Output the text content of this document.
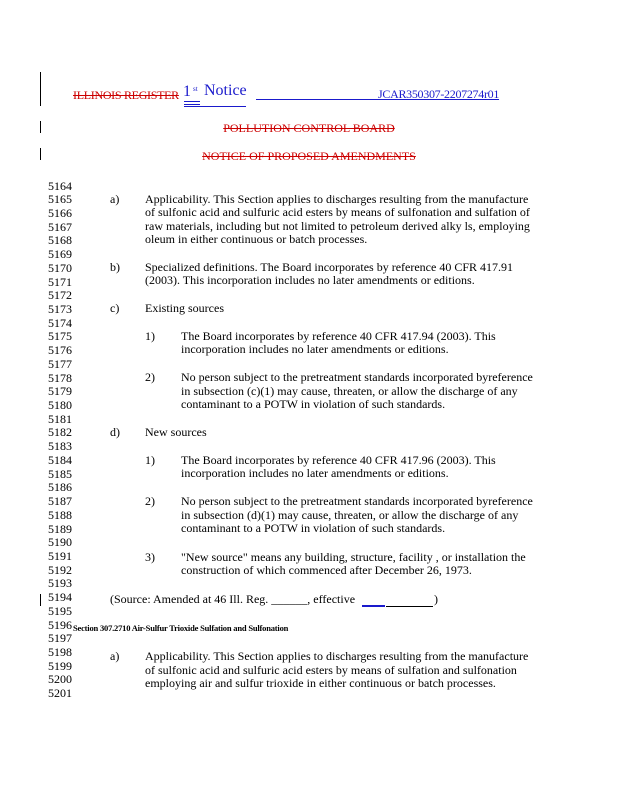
ILLINOIS REGISTER 1 st Notice	JCAR350307-2207274r01
POLLUTION CONTROL BOARD
NOTICE OF PROPOSED AMENDMENTS
5164
5165
5166
5167
5168
5169
5170
5171
5172
5173
5174
5175
5176
5177
5178
5179
5180
5181
5182
5183
5184
5185
5186
5187
5188
5189
5190
5191
5192
5193
5194
5195
5196
5197
5198
5199
5200
5201
a) Applicability. This Section applies to discharges resulting from the manufacture
of sulfonic acid and sulfuric acid esters by means of sulfonation and sulfation of
raw materials, including but not limited to petroleum derived alky ls, employing
oleum in either continuous or batch processes.
b) Specialized definitions. The Board incorporates by reference 40 CFR 417.91
(2003). This incorporation includes no later amendments or editions.
c) Existing sources
1) The Board incorporates by reference 40 CFR 417.94 (2003). This
incorporation includes no later amendments or editions.
2) No person subject to the pretreatment standards incorporated byreference
in subsection (c)(1) may cause, threaten, or allow the discharge of any
contaminant to a POTW in violation of such standards.
d) New sources
1) The Board incorporates by reference 40 CFR 417.96 (2003). This
incorporation includes no later amendments or editions.
2) No person subject to the pretreatment standards incorporated byreference
in subsection (d)(1) may cause, threaten, or allow the discharge of any
contaminant to a POTW in violation of such standards.
3) "New source" means any building, structure, facility , or installation the
construction of which commenced after December 26, 1973.
(Source: Amended at 46 Ill. Reg. ______, effective	)
Section 307.2710 Air-Sulfur Trioxide Sulfation and Sulfonation
a) Applicability. This Section applies to discharges resulting from the manufacture
of sulfonic acid and sulfuric acid esters by means of sulfation and sulfonation
employing air and sulfur trioxide in either continuous or batch processes.
